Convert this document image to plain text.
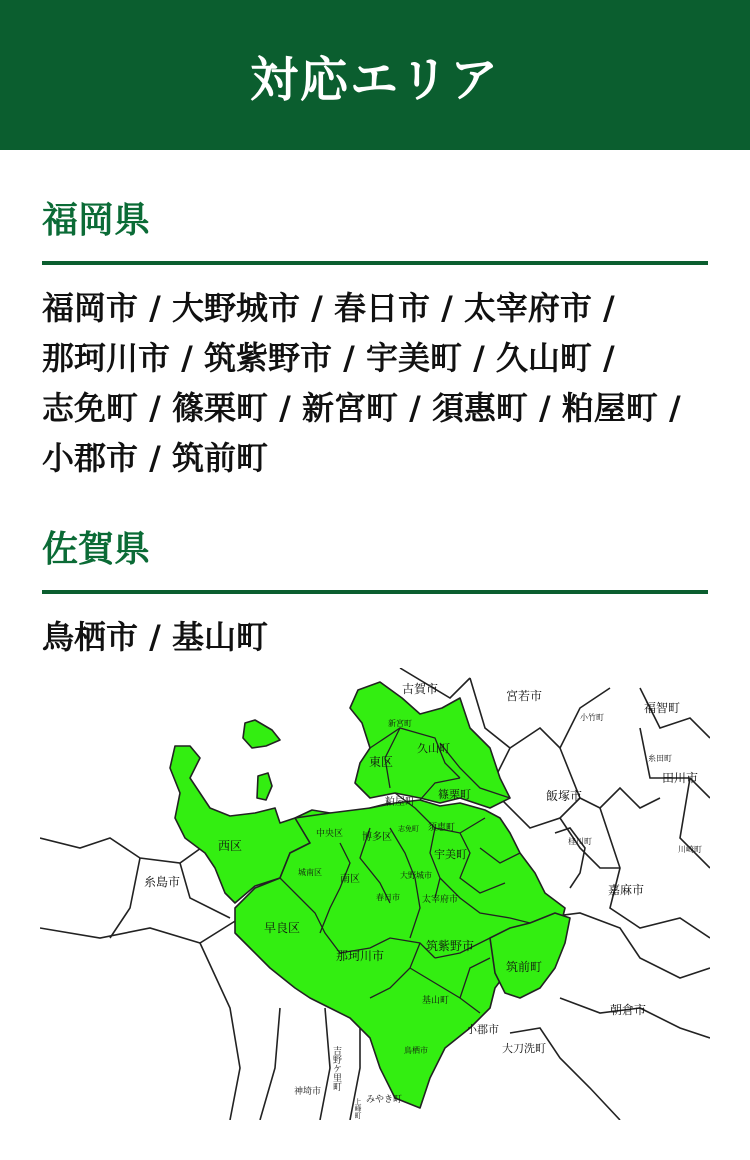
対応エリア
福岡県

福岡市 / 大野城市 / 春日市 / 太宰府市 /
那珂川市 / 筑紫野市 / 宇美町 / 久山町 /
志免町 / 篠栗町 / 新宮町 / 須惠町 / 粕屋町 /
小郡市 / 筑前町

佐賀県

鳥栖市 / 基山町

古賀市	宮若市
新宮町
久山町
東区
粕屋町
篠栗町	飯塚市
中央区 博多区
志免町 須恵町
西区
城南区
南区	大野城市
宇美町
春日市 太宰府市
糸島市
早良区
那珂川市
筑紫野市
筑前町
基山町
小郡市
鳥栖市	大刀洗町
神埼市
みやき町
小竹町
福智町
糸田町
田川市
桂川町
川崎町
嘉麻市
朝倉市
吉野ケ里町
上峰町
